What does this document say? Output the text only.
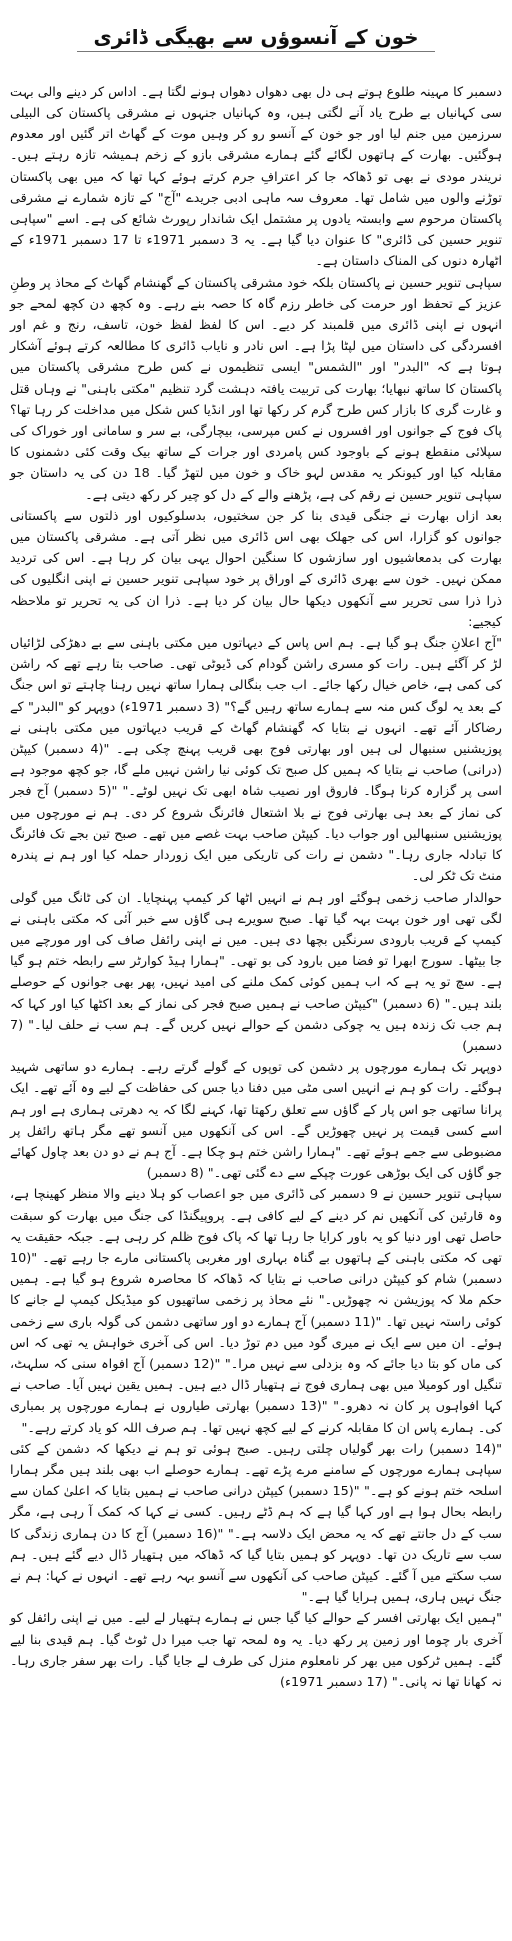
خون کے آنسوؤں سے بھیگی ڈائری

دسمبر کا مہینہ طلوع ہوتے ہی دل بھی دھواں دھواں ہونے لگتا ہے۔ اداس کر دینے والی بہت سی کہانیاں بے طرح یاد آنے لگتی ہیں، وہ کہانیاں جنہوں نے مشرقی پاکستان کی البیلی سرزمین میں جنم لیا اور جو خون کے آنسو رو کر وہیں موت کے گھاٹ اتر گئیں اور معدوم ہوگئیں۔ بھارت کے ہاتھوں لگائے گئے ہمارے مشرقی بازو کے زخم ہمیشہ تازہ رہتے ہیں۔ نریندر مودی نے بھی تو ڈھاکہ جا کر اعترافِ جرم کرتے ہوئے کہا تھا کہ میں بھی پاکستان توڑنے والوں میں شامل تھا۔ معروف سہ ماہی ادبی جریدے "آج" کے تازہ شمارے نے مشرقی پاکستان مرحوم سے وابستہ یادوں پر مشتمل ایک شاندار رپورٹ شائع کی ہے۔ اسے "سپاہی تنویر حسین کی ڈائری" کا عنوان دیا گیا ہے۔ یہ 3 دسمبر 1971ء تا 17 دسمبر 1971ء کے اٹھارہ دنوں کی المناک داستان ہے۔

سپاہی تنویر حسین نے پاکستان بلکہ خود مشرقی پاکستان کے گھنشام گھاٹ کے محاذ پر وطنِ عزیز کے تحفظ اور حرمت کی خاطر رزم گاہ کا حصہ بنے رہے۔ وہ کچھ دن کچھ لمحے جو انہوں نے اپنی ڈائری میں قلمبند کر دیے۔ اس کا لفظ لفظ خون، تاسف، رنج و غم اور افسردگی کی داستان میں لپٹا پڑا ہے۔ اس نادر و نایاب ڈائری کا مطالعہ کرتے ہوئے آشکار ہوتا ہے کہ "البدر" اور "الشمس" ایسی تنظیموں نے کس طرح مشرقی پاکستان میں پاکستان کا ساتھ نبھایا؛ بھارت کی تربیت یافتہ دہشت گرد تنظیم "مکتی باہنی" نے وہاں قتل و غارت گری کا بازار کس طرح گرم کر رکھا تھا اور انڈیا کس شکل میں مداخلت کر رہا تھا؟ پاک فوج کے جوانوں اور افسروں نے کس مپرسی، بیچارگی، بے سر و سامانی اور خوراک کی سپلائی منقطع ہونے کے باوجود کس پامردی اور جرات کے ساتھ بیک وقت کئی دشمنوں کا مقابلہ کیا اور کیونکر یہ مقدس لہو خاک و خون میں لتھڑ گیا۔ 18 دن کی یہ داستان جو سپاہی تنویر حسین نے رقم کی ہے، پڑھنے والے کے دل کو چیر کر رکھ دیتی ہے۔

بعد ازاں بھارت نے جنگی قیدی بنا کر جن سختیوں، بدسلوکیوں اور ذلتوں سے پاکستانی جوانوں کو گزارا، اس کی جھلک بھی اس ڈائری میں نظر آتی ہے۔ مشرقی پاکستان میں بھارت کی بدمعاشیوں اور سازشوں کا سنگین احوال یہی بیان کر رہا ہے۔ اس کی تردید ممکن نہیں۔ خون سے بھری ڈائری کے اوراق پر خود سپاہی تنویر حسین نے اپنی انگلیوں کی ذرا ذرا سی تحریر سے آنکھوں دیکھا حال بیان کر دیا ہے۔ ذرا ان کی یہ تحریر تو ملاحظہ کیجیے:

"آج اعلانِ جنگ ہو گیا ہے۔ ہم اس پاس کے دیہاتوں میں مکتی باہنی سے بے دھڑکی لڑائیاں لڑ کر آگئے ہیں۔ رات کو مسری راشن گودام کی ڈیوٹی تھی۔ صاحب بتا رہے تھے کہ راشن کی کمی ہے، خاص خیال رکھا جائے۔ اب جب بنگالی ہمارا ساتھ نہیں رہنا چاہتے تو اس جنگ کے بعد یہ لوگ کس منہ سے ہمارے ساتھ رہیں گے؟" (3 دسمبر 1971ء) دوپہر کو "البدر" کے رضاکار آئے تھے۔ انہوں نے بتایا کہ گھنشام گھاٹ کے قریب دیہاتوں میں مکتی باہنی نے پوزیشنیں سنبھال لی ہیں اور بھارتی فوج بھی قریب پہنچ چکی ہے۔ "(4 دسمبر) کیپٹن (درانی) صاحب نے بتایا کہ ہمیں کل صبح تک کوئی نیا راشن نہیں ملے گا، جو کچھ موجود ہے اسی پر گزارہ کرنا ہوگا۔ فاروق اور نصیب شاہ ابھی تک نہیں لوٹے۔" "(5 دسمبر) آج فجر کی نماز کے بعد ہی بھارتی فوج نے بلا اشتعال فائرنگ شروع کر دی۔ ہم نے مورچوں میں پوزیشنیں سنبھالیں اور جواب دیا۔ کیپٹن صاحب بہت غصے میں تھے۔ صبح تین بجے تک فائرنگ کا تبادلہ جاری رہا۔" دشمن نے رات کی تاریکی میں ایک زوردار حملہ کیا اور ہم نے پندرہ منٹ تک ٹکر لی۔

حوالدار صاحب زخمی ہوگئے اور ہم نے انہیں اٹھا کر کیمپ پہنچایا۔ ان کی ٹانگ میں گولی لگی تھی اور خون بہت بہہ گیا تھا۔ صبح سویرے ہی گاؤں سے خبر آئی کہ مکتی باہنی نے کیمپ کے قریب بارودی سرنگیں بچھا دی ہیں۔ میں نے اپنی رائفل صاف کی اور مورچے میں جا بیٹھا۔ سورج ابھرا تو فضا میں بارود کی بو تھی۔ "ہمارا ہیڈ کوارٹر سے رابطہ ختم ہو گیا ہے۔ سچ تو یہ ہے کہ اب ہمیں کوئی کمک ملنے کی امید نہیں، پھر بھی جوانوں کے حوصلے بلند ہیں۔" (6 دسمبر) "کیپٹن صاحب نے ہمیں صبح فجر کی نماز کے بعد اکٹھا کیا اور کہا کہ ہم جب تک زندہ ہیں یہ چوکی دشمن کے حوالے نہیں کریں گے۔ ہم سب نے حلف لیا۔" (7 دسمبر)

دوپہر تک ہمارے مورچوں پر دشمن کی توپوں کے گولے گرتے رہے۔ ہمارے دو ساتھی شہید ہوگئے۔ رات کو ہم نے انہیں اسی مٹی میں دفنا دیا جس کی حفاظت کے لیے وہ آئے تھے۔ ایک پرانا ساتھی جو اس پار کے گاؤں سے تعلق رکھتا تھا، کہنے لگا کہ یہ دھرتی ہماری ہے اور ہم اسے کسی قیمت پر نہیں چھوڑیں گے۔ اس کی آنکھوں میں آنسو تھے مگر ہاتھ رائفل پر مضبوطی سے جمے ہوئے تھے۔ "ہمارا راشن ختم ہو چکا ہے۔ آج ہم نے دو دن بعد چاول کھائے جو گاؤں کی ایک بوڑھی عورت چپکے سے دے گئی تھی۔" (8 دسمبر)

سپاہی تنویر حسین نے 9 دسمبر کی ڈائری میں جو اعصاب کو ہلا دینے والا منظر کھینچا ہے، وہ قارئین کی آنکھیں نم کر دینے کے لیے کافی ہے۔ پروپیگنڈا کی جنگ میں بھارت کو سبقت حاصل تھی اور دنیا کو یہ باور کرایا جا رہا تھا کہ پاک فوج ظلم کر رہی ہے۔ جبکہ حقیقت یہ تھی کہ مکتی باہنی کے ہاتھوں بے گناہ بہاری اور مغربی پاکستانی مارے جا رہے تھے۔ "(10 دسمبر) شام کو کیپٹن درانی صاحب نے بتایا کہ ڈھاکہ کا محاصرہ شروع ہو گیا ہے۔ ہمیں حکم ملا کہ پوزیشن نہ چھوڑیں۔" نئے محاذ پر زخمی ساتھیوں کو میڈیکل کیمپ لے جانے کا کوئی راستہ نہیں تھا۔ "(11 دسمبر) آج ہمارے دو اور ساتھی دشمن کی گولہ باری سے زخمی ہوئے۔ ان میں سے ایک نے میری گود میں دم توڑ دیا۔ اس کی آخری خواہش یہ تھی کہ اس کی ماں کو بتا دیا جائے کہ وہ بزدلی سے نہیں مرا۔" "(12 دسمبر) آج افواہ سنی کہ سلہٹ، تنگیل اور کومیلا میں بھی ہماری فوج نے ہتھیار ڈال دیے ہیں۔ ہمیں یقین نہیں آیا۔ صاحب نے کہا افواہوں پر کان نہ دھرو۔" "(13 دسمبر) بھارتی طیاروں نے ہمارے مورچوں پر بمباری کی۔ ہمارے پاس ان کا مقابلہ کرنے کے لیے کچھ نہیں تھا۔ ہم صرف اللہ کو یاد کرتے رہے۔"

"(14 دسمبر) رات بھر گولیاں چلتی رہیں۔ صبح ہوئی تو ہم نے دیکھا کہ دشمن کے کئی سپاہی ہمارے مورچوں کے سامنے مرے پڑے تھے۔ ہمارے حوصلے اب بھی بلند ہیں مگر ہمارا اسلحہ ختم ہونے کو ہے۔" "(15 دسمبر) کیپٹن درانی صاحب نے ہمیں بتایا کہ اعلیٰ کمان سے رابطہ بحال ہوا ہے اور کہا گیا ہے کہ ہم ڈٹے رہیں۔ کسی نے کہا کہ کمک آ رہی ہے، مگر سب کے دل جانتے تھے کہ یہ محض ایک دلاسہ ہے۔" "(16 دسمبر) آج کا دن ہماری زندگی کا سب سے تاریک دن تھا۔ دوپہر کو ہمیں بتایا گیا کہ ڈھاکہ میں ہتھیار ڈال دیے گئے ہیں۔ ہم سب سکتے میں آ گئے۔ کیپٹن صاحب کی آنکھوں سے آنسو بہہ رہے تھے۔ انہوں نے کہا: ہم نے جنگ نہیں ہاری، ہمیں ہرایا گیا ہے۔"

"ہمیں ایک بھارتی افسر کے حوالے کیا گیا جس نے ہمارے ہتھیار لے لیے۔ میں نے اپنی رائفل کو آخری بار چوما اور زمین پر رکھ دیا۔ یہ وہ لمحہ تھا جب میرا دل ٹوٹ گیا۔ ہم قیدی بنا لیے گئے۔ ہمیں ٹرکوں میں بھر کر نامعلوم منزل کی طرف لے جایا گیا۔ رات بھر سفر جاری رہا۔ نہ کھانا تھا نہ پانی۔" (17 دسمبر 1971ء)
